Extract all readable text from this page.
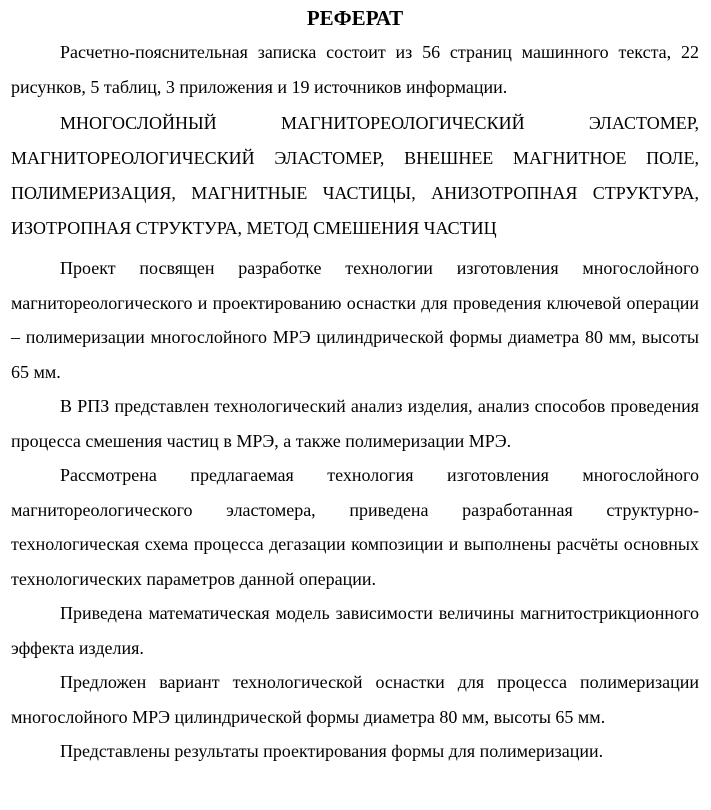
РЕФЕРАТ

Расчетно-пояснительная записка состоит из 56 страниц машинного текста, 22 рисунков, 5 таблиц, 3 приложения и 19 источников информации.

МНОГОСЛОЙНЫЙ МАГНИТОРЕОЛОГИЧЕСКИЙ ЭЛАСТОМЕР, МАГНИТОРЕОЛОГИЧЕСКИЙ ЭЛАСТОМЕР, ВНЕШНЕЕ МАГНИТНОЕ ПОЛЕ, ПОЛИМЕРИЗАЦИЯ, МАГНИТНЫЕ ЧАСТИЦЫ, АНИЗОТРОПНАЯ СТРУКТУРА, ИЗОТРОПНАЯ СТРУКТУРА, МЕТОД СМЕШЕНИЯ ЧАСТИЦ

Проект посвящен разработке технологии изготовления многослойного магнитореологического и проектированию оснастки для проведения ключевой операции – полимеризации многослойного МРЭ цилиндрической формы диаметра 80 мм, высоты 65 мм.

В РПЗ представлен технологический анализ изделия, анализ способов проведения процесса смешения частиц в МРЭ, а также полимеризации МРЭ.

Рассмотрена предлагаемая технология изготовления многослойного магнитореологического эластомера, приведена разработанная структурно-технологическая схема процесса дегазации композиции и выполнены расчёты основных технологических параметров данной операции.

Приведена математическая модель зависимости величины магнитострикционного эффекта изделия.

Предложен вариант технологической оснастки для процесса полимеризации многослойного МРЭ цилиндрической формы диаметра 80 мм, высоты 65 мм.

Представлены результаты проектирования формы для полимеризации.
